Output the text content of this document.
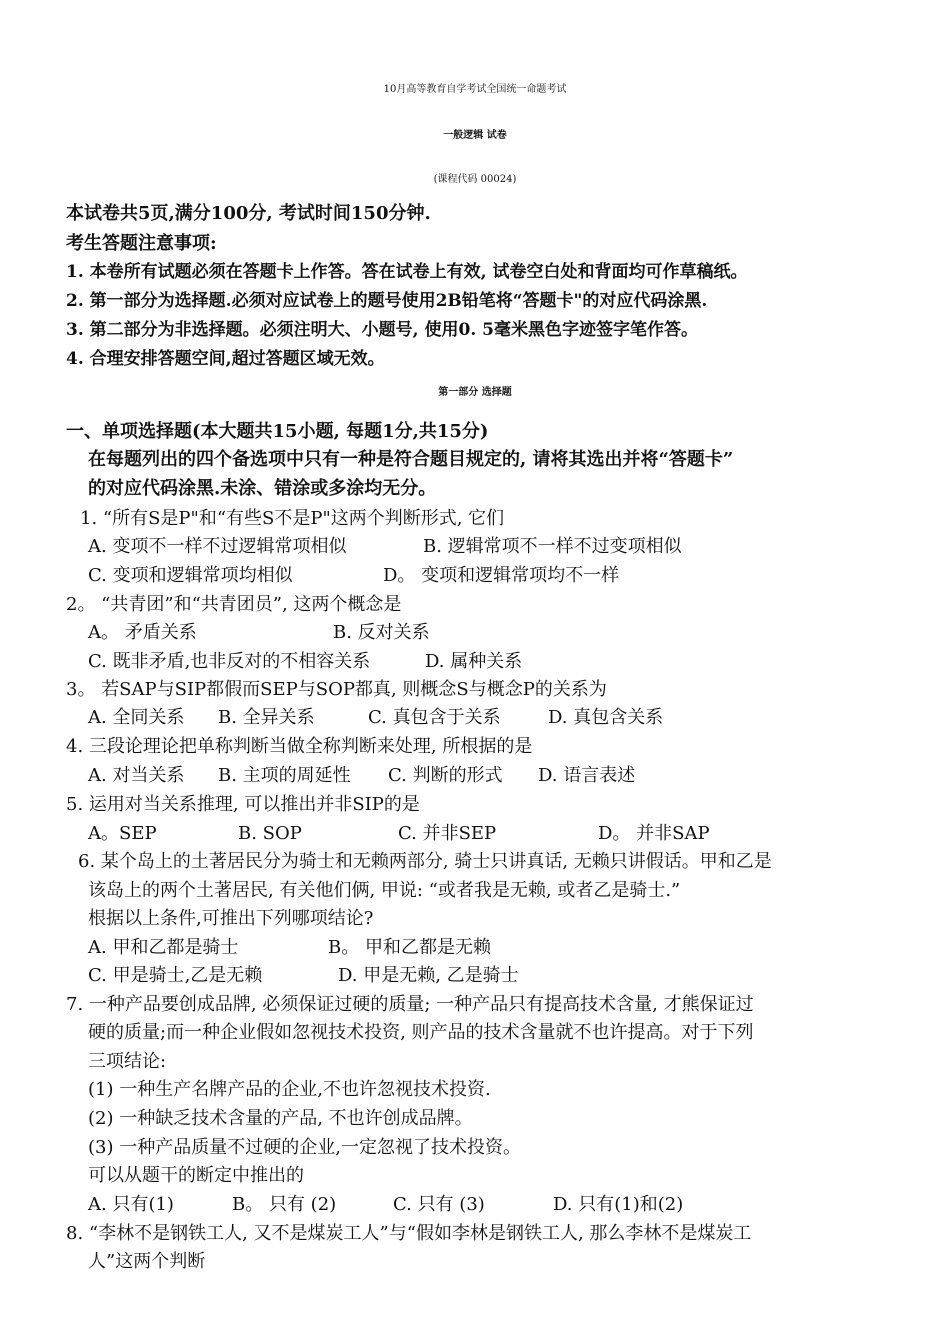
10月高等教育自学考试全国统一命题考试
一般逻辑 试卷
(课程代码 00024)
本试卷共5页,满分100分, 考试时间150分钟.
考生答题注意事项:
1. 本卷所有试题必须在答题卡上作答。答在试卷上有效, 试卷空白处和背面均可作草稿纸。
2. 第一部分为选择题.必须对应试卷上的题号使用2B铅笔将“答题卡"的对应代码涂黑.
3. 第二部分为非选择题。必须注明大、小题号, 使用0. 5毫米黑色字迹签字笔作答。
4. 合理安排答题空间,超过答题区域无效。
第一部分 选择题
一、单项选择题(本大题共15小题, 每题1分,共15分)
在每题列出的四个备选项中只有一种是符合题目规定的, 请将其选出并将“答题卡”
的对应代码涂黑.未涂、错涂或多涂均无分。
1. “所有S是P"和“有些S不是P"这两个判断形式, 它们
A. 变项不一样不过逻辑常项相似	B. 逻辑常项不一样不过变项相似
C. 变项和逻辑常项均相似	D。 变项和逻辑常项均不一样
2。 “共青团”和“共青团员”, 这两个概念是
A。 矛盾关系	B. 反对关系
C. 既非矛盾,也非反对的不相容关系	D. 属种关系
3。 若SAP与SIP都假而SEP与SOP都真, 则概念S与概念P的关系为
A. 全同关系 B. 全异关系	C. 真包含于关系	D. 真包含关系
4. 三段论理论把单称判断当做全称判断来处理, 所根据的是
A. 对当关系 B. 主项的周延性 C. 判断的形式 D. 语言表述
5. 运用对当关系推理, 可以推出并非SIP的是
A。SEP	B. SOP	C. 并非SEP	D。 并非SAP
6. 某个岛上的土著居民分为骑士和无赖两部分, 骑士只讲真话, 无赖只讲假话。甲和乙是
该岛上的两个土著居民, 有关他们俩, 甲说: “或者我是无赖, 或者乙是骑士.”
根据以上条件,可推出下列哪项结论?
A. 甲和乙都是骑士	B。 甲和乙都是无赖
C. 甲是骑士,乙是无赖	D. 甲是无赖, 乙是骑士
7. 一种产品要创成品牌, 必须保证过硬的质量; 一种产品只有提高技术含量, 才熊保证过
硬的质量;而一种企业假如忽视技术投资, 则产品的技术含量就不也许提高。对于下列
三项结论:
(1) 一种生产名牌产品的企业,不也许忽视技术投资.
(2) 一种缺乏技术含量的产品, 不也许创成品牌。
(3) 一种产品质量不过硬的企业,一定忽视了技术投资。
可以从题干的断定中推出的
A. 只有(1)	B。 只有 (2)	C. 只有 (3)	D. 只有(1)和(2)
8. “李林不是钢铁工人, 又不是煤炭工人”与“假如李林是钢铁工人, 那么李林不是煤炭工
人”这两个判断
